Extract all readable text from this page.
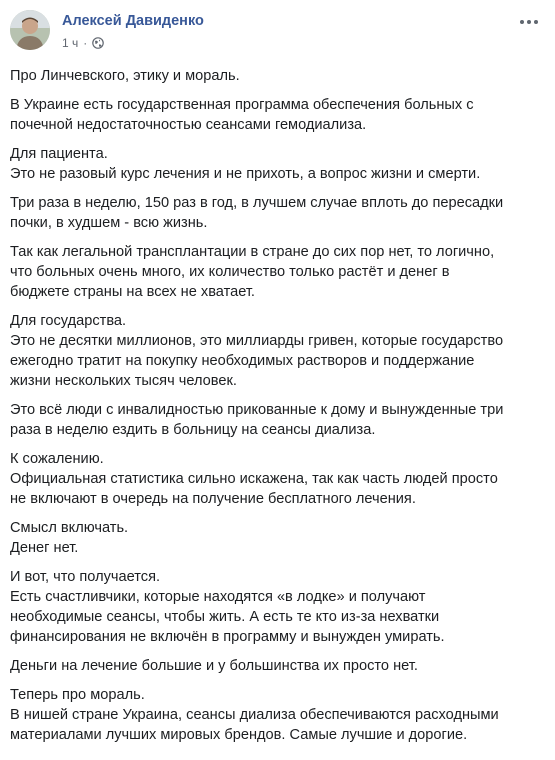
Алексей Давиденко
1 ч ·
Про Линчевского, этику и мораль.
В Украине есть государственная программа обеспечения больных с
почечной недостаточностью сеансами гемодиализа.
Для пациента.
Это не разовый курс лечения и не прихоть, а вопрос жизни и смерти.
Три раза в неделю, 150 раз в год, в лучшем случае вплоть до пересадки
почки, в худшем - всю жизнь.
Так как легальной трансплантации в стране до сих пор нет, то логично,
что больных очень много, их количество только растёт и денег в
бюджете страны на всех не хватает.
Для государства.
Это не десятки миллионов, это миллиарды гривен, которые государство
ежегодно тратит на покупку необходимых растворов и поддержание
жизни нескольких тысяч человек.
Это всё люди с инвалидностью прикованные к дому и вынужденные три
раза в неделю ездить в больницу на сеансы диализа.
К сожалению.
Официальная статистика сильно искажена, так как часть людей просто
не включают в очередь на получение бесплатного лечения.
Смысл включать.
Денег нет.
И вот, что получается.
Есть счастливчики, которые находятся «в лодке» и получают
необходимые сеансы, чтобы жить. А есть те кто из-за нехватки
финансирования не включён в программу и вынужден умирать.
Деньги на лечение большие и у большинства их просто нет.
Теперь про мораль.
В нишей стране Украина, сеансы диализа обеспечиваются расходными
материалами лучших мировых брендов. Самые лучшие и дорогие.
